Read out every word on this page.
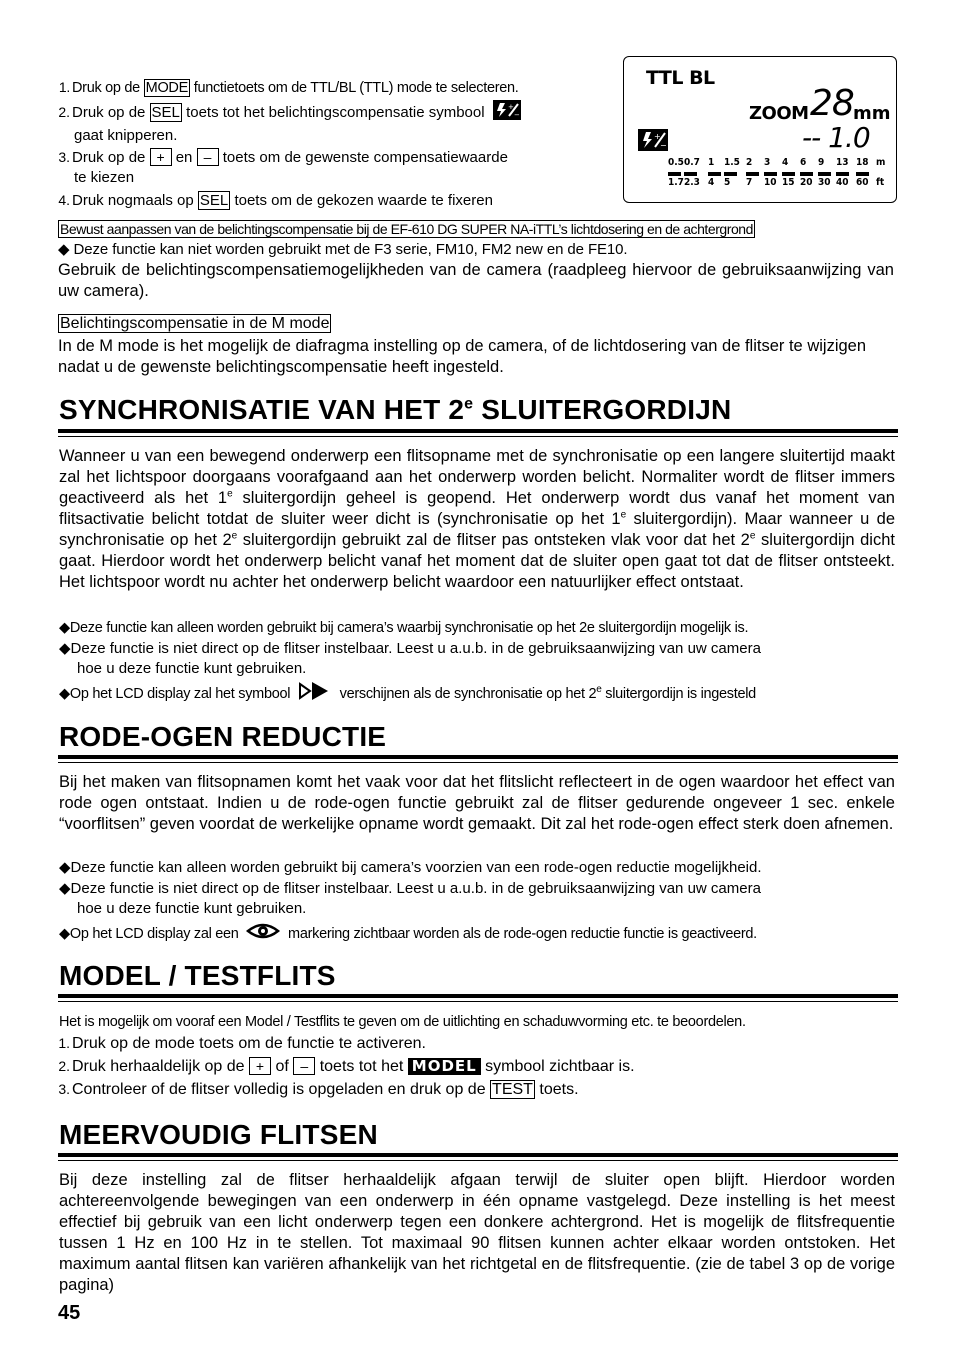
1. Druk op de MODE functietoets om de TTL/BL (TTL) mode te selecteren.
2. Druk op de SEL toets tot het belichtingscompensatie symbool	+
−
gaat knipperen.
3. Druk op de + en – toets om de gewenste compensatiewaarde
te kiezen
4. Druk nogmaals op SEL toets om de gekozen waarde te fixeren
TTL BL
ZOOM 28 mm
+
−	-- 1.0
0.5 0.7 1 1.5 2 3 4 6 9 13 18 m
1.7 2.3 4 5 7 10 15 20 30 40 60 ft
Bewust aanpassen van de belichtingscompensatie bij de EF-610 DG SUPER NA-iTTL’s lichtdosering en de achtergrond
◆ Deze functie kan niet worden gebruikt met de F3 serie, FM10, FM2 new en de FE10.
Gebruik de belichtingscompensatiemogelijkheden van de camera (raadpleeg hiervoor de gebruiksaanwijzing van uw camera).
Belichtingscompensatie in de M mode
In de M mode is het mogelijk de diafragma instelling op de camera, of de lichtdosering van de flitser te wijzigen nadat u de gewenste belichtingscompensatie heeft ingesteld.
SYNCHRONISATIE VAN HET 2e SLUITERGORDIJN
Wanneer u van een bewegend onderwerp een flitsopname met de synchronisatie op een langere sluitertijd maakt zal het lichtspoor doorgaans voorafgaand aan het onderwerp worden belicht. Normaliter wordt de flitser immers geactiveerd als het 1e sluitergordijn geheel is geopend. Het onderwerp wordt dus vanaf het moment van flitsactivatie belicht totdat de sluiter weer dicht is (synchronisatie op het 1e sluitergordijn). Maar wanneer u de synchronisatie op het 2e sluitergordijn gebruikt zal de flitser pas ontsteken vlak voor dat het 2e sluitergordijn dicht gaat. Hierdoor wordt het onderwerp belicht vanaf het moment dat de sluiter open gaat tot dat de flitser ontsteekt. Het lichtspoor wordt nu achter het onderwerp belicht waardoor een natuurlijker effect ontstaat.
◆Deze functie kan alleen worden gebruikt bij camera’s waarbij synchronisatie op het 2e sluitergordijn mogelijk is.
◆Deze functie is niet direct op de flitser instelbaar. Leest u a.u.b. in de gebruiksaanwijzing van uw camera
hoe u deze functie kunt gebruiken.
◆Op het LCD display zal het symbool	verschijnen als de synchronisatie op het 2e sluitergordijn is ingesteld
RODE-OGEN REDUCTIE
Bij het maken van flitsopnamen komt het vaak voor dat het flitslicht reflecteert in de ogen waardoor het effect van rode ogen ontstaat. Indien u de rode-ogen functie gebruikt zal de flitser gedurende ongeveer 1 sec. enkele “voorflitsen” geven voordat de werkelijke opname wordt gemaakt. Dit zal het rode-ogen effect sterk doen afnemen.
◆Deze functie kan alleen worden gebruikt bij camera’s voorzien van een rode-ogen reductie mogelijkheid.
◆Deze functie is niet direct op de flitser instelbaar. Leest u a.u.b. in de gebruiksaanwijzing van uw camera
hoe u deze functie kunt gebruiken.
◆Op het LCD display zal een	markering zichtbaar worden als de rode-ogen reductie functie is geactiveerd.
MODEL / TESTFLITS
Het is mogelijk om vooraf een Model / Testflits te geven om de uitlichting en schaduwvorming etc. te beoordelen.
1. Druk op de mode toets om de functie te activeren.
2. Druk herhaaldelijk op de + of – toets tot het MODEL symbool zichtbaar is.
3. Controleer of de flitser volledig is opgeladen en druk op de TEST toets.
MEERVOUDIG FLITSEN
Bij deze instelling zal de flitser herhaaldelijk afgaan terwijl de sluiter open blijft. Hierdoor worden achtereenvolgende bewegingen van een onderwerp in één opname vastgelegd. Deze instelling is het meest effectief bij gebruik van een licht onderwerp tegen een donkere achtergrond. Het is mogelijk de flitsfrequentie tussen 1 Hz en 100 Hz in te stellen. Tot maximaal 90 flitsen kunnen achter elkaar worden ontstoken. Het maximum aantal flitsen kan variëren afhankelijk van het richtgetal en de flitsfrequentie. (zie de tabel 3 op de vorige pagina)
45
